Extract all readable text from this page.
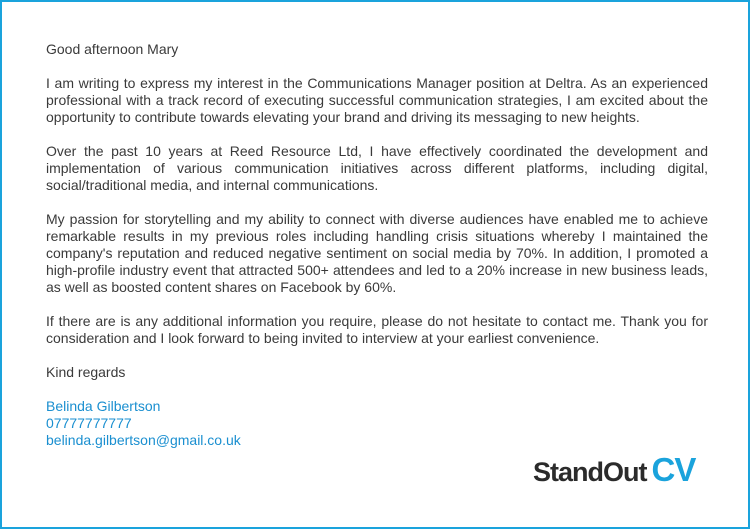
Good afternoon Mary

I am writing to express my interest in the Communications Manager position at Deltra. As an experienced professional with a track record of executing successful communication strategies, I am excited about the opportunity to contribute towards elevating your brand and driving its messaging to new heights.

Over the past 10 years at Reed Resource Ltd, I have effectively coordinated the development and implementation of various communication initiatives across different platforms, including digital, social/traditional media, and internal communications.

My passion for storytelling and my ability to connect with diverse audiences have enabled me to achieve remarkable results in my previous roles including handling crisis situations whereby I maintained the company's reputation and reduced negative sentiment on social media by 70%. In addition, I promoted a high-profile industry event that attracted 500+ attendees and led to a 20% increase in new business leads, as well as boosted content shares on Facebook by 60%.

If there are is any additional information you require, please do not hesitate to contact me. Thank you for consideration and I look forward to being invited to interview at your earliest convenience.

Kind regards

Belinda Gilbertson
07777777777
belinda.gilbertson@gmail.co.uk
StandOut CV
